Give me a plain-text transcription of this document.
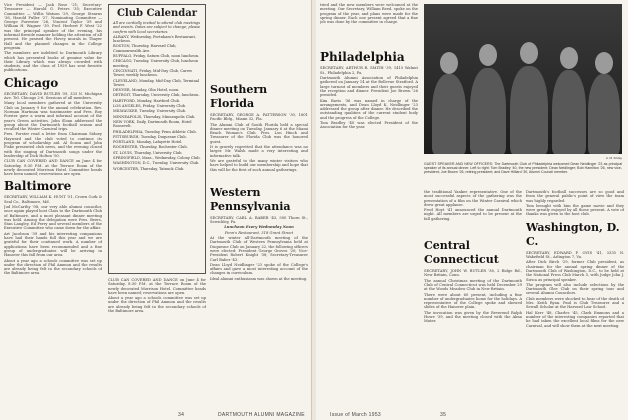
Vice President — Jack Rose '21; Secretary-Treasurer — Harold G. Peters '35; Executive Committee — Willis Watson '29, George Stearns '36, Harold Fuller '27. Nominating Committee — George Forrester '26, Vincent Taylor '39 and William H. Wagner '39. Prof. Herbert F. West '22 was the principal speaker of the evening, his informal fireside manner holding the attention of all present. He praised the Hovey murals in Thayer Hall and the planned changes in the College program.

The members are indebted to Dartmouth Library which has presented books of genuine value for their Library which was always crowded with students, and the class of 1929 has sent favorite publications.

Chicago

SECRETARY, DAVID BUTLER '39, 333 N. Michigan Ave. Tel. Chicago 2-6. Sessions of all members.

Many local members gathered at the University Club on January 9 for the annual celebration. Rev. Norman Hartman was toastmaster and Pres. Roy Forster gave a warm and informal account of the year's Green activities. John Sloan addressed the group about the Dartmouth football season and recalled the Winter Carnival trips.

Pres. Forster read a letter from Chairman Sidney Hayward and the club voted to continue its program of scholarship aid. Al Sousa and John Fiske presented club news, and the evening closed with the singing of Dartmouth songs under the leadership of Dick Holton '50.

CLUB CAN COVERED AND DANCE on June 4 for Saturday, 8:30 P.M. at the Terrace Room of the newly decorated Morrison Hotel. Committee heads have been named; reservations are open.

Baltimore

SECRETARY, WILLIAM K. HUNT '51, Crown Cork & Seal Co., Baltimore, Md.

Jud McCarthy '08, our very able alumni councilor, once again played host Class to the Dartmouth Club of Baltimore, and a most pleasant dinner meeting was held. Among the delegation were Pres. Beers, Stan Langley, Ed Perry and several members of the Executive Committee who came down for the affair.

Art Jacobson '39 and his interesting companions have had their hands full this year and we are grateful for their continued work. A number of applications have been recommended and a fine group of undergraduates will be arriving in Hanover this fall from our area.

About a year ago a schools committee was set up under the direction of Phil Ammon and the results are already being felt in the secondary schools of the Baltimore area.

Club Calendar
All are cordially invited to attend club meetings and events. Dates are subject to change; please confirm with local secretaries.
ALBANY, Wednesday, Fortnham's Restaurant, luncheon.
BOSTON, Thursday, Harvard Club, Commonwealth Ave.
BUFFALO, Friday, Saturn Club, noon luncheon.
CHICAGO, Tuesday, University Club, luncheon meeting.
CINCINNATI, Friday, Mid-Day Club, Carew Tower, weekly luncheon.
CLEVELAND, Monday, Mid-Day Club, Terminal Tower.
DENVER, Monday, Olin Hotel, noon.
DETROIT, Thursday, University Club, luncheon.
HARTFORD, Monday, Hartford Club.
LOS ANGELES, Friday, University Club.
MILWAUKEE, Tuesday, University Club.
MINNEAPOLIS, Thursday, Minneapolis Club.
NEW YORK, Daily, Dartmouth Room, Hotel Roosevelt.
PHILADELPHIA, Tuesday, Penn Athletic Club.
PITTSBURGH, Tuesday, Duquesne Club.
PORTLAND, Monday, Lafayette Hotel.
ROCHESTER, Thursday, Rochester Club.
ST. LOUIS, Thursday, University Club.
SPRINGFIELD, Mass., Wednesday, Colony Club.
WASHINGTON, D.C., Tuesday, University Club.
WORCESTER, Thursday, Tatnuck Club.

CLUB CAN COVERED AND DANCE on June 4 for Saturday, 8:30 P.M. at the Terrace Room of the newly decorated Morrison Hotel. Committee heads have been named; reservations are open.

About a year ago a schools committee was set up under the direction of Phil Ammon and the results are already being felt in the secondary schools of the Baltimore area.

Southern Florida

SECRETARY, GEORGE A. PATTERSON '30, 1601 Pacific Bldg., Miami 32, Fla.

The Alumni Club of South Florida held a special dinner meeting on Tuesday, January 6 at the Miami Beach Woman's Club. Pres. Lon Hinck and Treasurer of the Florida Club was the honored guest.

It is gravely regretted that the attendance was no larger. Mr. Walsh made a very interesting and informative talk.

We are grateful to the many winter visitors who have helped to build our membership and hope that this will be the first of such annual gatherings.

Western Pennsylvania

SECRETARY, CARL A. BABER '43, 500 Thorn St., Sewickley, Pa.

Luncheon Every Wednesday Noon

Penn's Restaurant, 318 Grant Street

At the winter all-Dartmouth meeting of the Dartmouth Club of Western Pennsylvania held at Duquesne Club on January 22, the following officers were elected: President George Groves '20; Vice-President Robert Knight '38; Secretary-Treasurer Carl Baber '43.

Dean Lloyd Neidlinger '23 spoke of the College's affairs and gave a most interesting account of the changes in curriculum.

Ideal alumni enthusiasm was shown at the meeting.

34	DARTMOUTH ALUMNI MAGAZINE

tried and the new members were welcomed at the meeting. Our Secretary, William Reed, spoke on the program of the year, and plans were made for the spring dinner. Each one present agreed that a fine job was done by the committee in charge.

Philadelphia

SECRETARY, ARTHUR R. SMITH '39, 1415 Walnut St., Philadelphia 2, Pa.

Dartmouth Alumni Association of Philadelphia gathered on January 14 at the Bellevue Stratford. A large turnout of members and their guests enjoyed the reception and dinner. President Joe Brown '26 presided.

Kim Bavis '36 was named in charge of the arrangements, and Dean Lloyd K. Neidlinger '23 addressed the group after dinner. He described the outstanding qualities of the current student body and the progress of the College.

Tom Bradley '40 was elected President of the Association for the year.

A. M. Friday
GUEST SPEAKER AND NEW OFFICERS: The Dartmouth Club of Philadelphia welcomed Dean Neidlinger '23 as principal speaker of its annual dinner. Left to right: Tom Bradley '40, the new president; Dean Neidlinger; Bob Hamilton '26, new vice-president; Joe Brown '26, retiring president; and Dave Hilliard '30, Alumni Council member.

the traditional Yankee representative. One of the most successful aspects of the gathering was the presentation of a film on the Winter Carnival which drew great applause.

Fred Hoyt '41 announced the annual Dartmouth night. All members are urged to be present at the fall gathering.

Central Connecticut

SECRETARY, JOHN W. BUTLER '36, 2 Ridge Rd., New Britain, Conn.

The annual Christmas meeting of the Dartmouth Club of Central Connecticut was held December 29 at the Woods Meadow Club in New Britain.

There were about 60 present, including a fine number of undergraduates home for the holidays. A representative of the College spoke and showed slides of the Hanover plain.

The invocation was given by the Reverend Ralph Howe '39, and the meeting closed with the Alma Mater.

Dartmouth's football successes are so good and from the general public's point of view the team was highly regarded.

Tom brought with him the game movie and they were greatly enjoyed by all those present. A vote of thanks was given to the host club.

Washington, D. C.

SECRETARY, EDWARD F. OVIS '41, 3335 N. Wakefield St., Arlington 7, Va.

After Dick Birch '29, former Club president, as chairman for the annual spring dinner of the Dartmouth Club of Washington, D.C., to be held at the National Press Club March 5, with Judge John J. Sirica as principal speaker.

The program will also include selections by the Dartmouth Glee Club on their spring tour and several Alumni Councilors.

Club members were shocked to hear of the death of Mrs. Keith Ryan. Paul is Club Treasurer and a Sewall Scholar at the Harvard Law School.

Hal Kerr '48, Charles '45, Clark Emmons and a number of the interesting companies reported that he had taken the excellent local films for the new Carnival, and will show them at the next meeting.

Issue of March 1953	35
